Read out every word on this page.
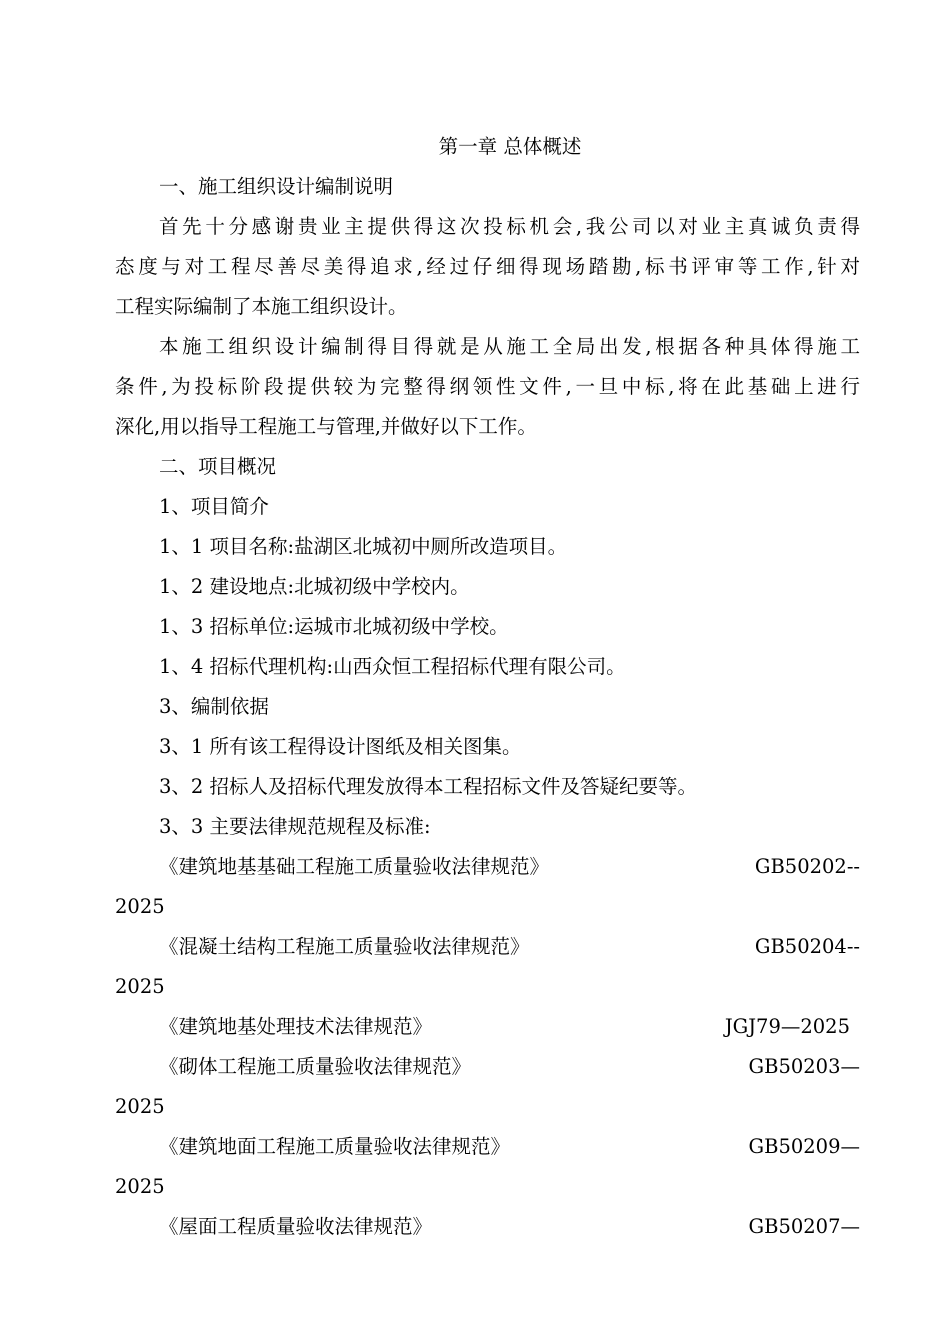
第一章 总体概述
一、施工组织设计编制说明
首先十分感谢贵业主提供得这次投标机会,我公司以对业主真诚负责得
态度与对工程尽善尽美得追求,经过仔细得现场踏勘,标书评审等工作,针对
工程实际编制了本施工组织设计。
本施工组织设计编制得目得就是从施工全局出发,根据各种具体得施工
条件,为投标阶段提供较为完整得纲领性文件,一旦中标,将在此基础上进行
深化,用以指导工程施工与管理,并做好以下工作。
二、项目概况
1、项目简介
1、1 项目名称:盐湖区北城初中厕所改造项目。
1、2 建设地点:北城初级中学校内。
1、3 招标单位:运城市北城初级中学校。
1、4 招标代理机构:山西众恒工程招标代理有限公司。
3、编制依据
3、1 所有该工程得设计图纸及相关图集。
3、2 招标人及招标代理发放得本工程招标文件及答疑纪要等。
3、3 主要法律规范规程及标准:
《建筑地基基础工程施工质量验收法律规范》	GB50202--
2025
《混凝土结构工程施工质量验收法律规范》	GB50204--
2025
《建筑地基处理技术法律规范》	JGJ79—2025
《砌体工程施工质量验收法律规范》	GB50203—
2025
《建筑地面工程施工质量验收法律规范》	GB50209—
2025
《屋面工程质量验收法律规范》	GB50207—
